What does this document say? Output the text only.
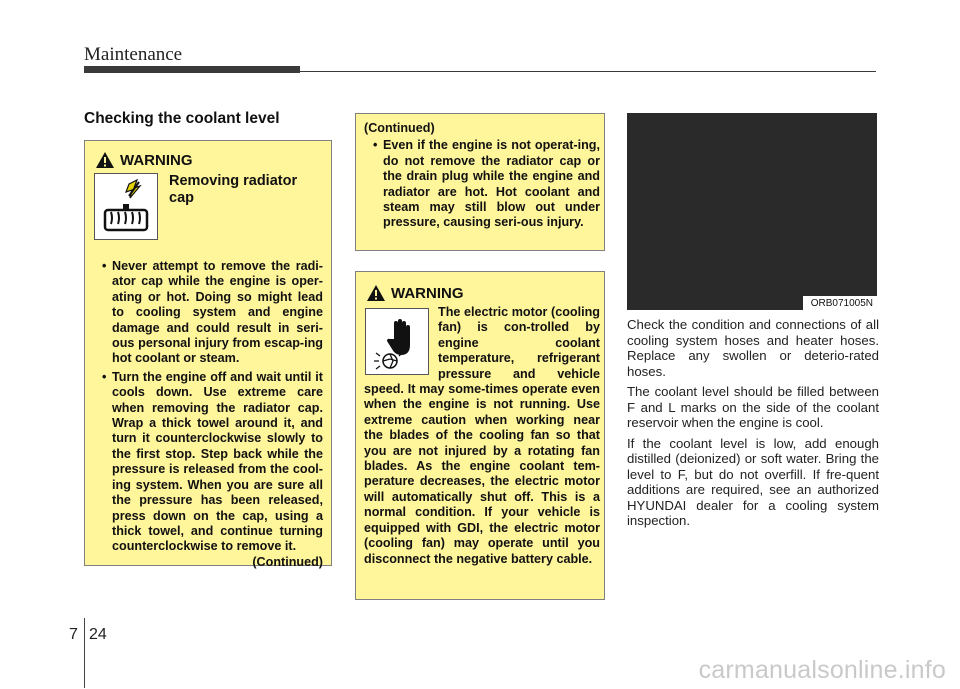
Maintenance
Checking the coolant level
WARNING
Removing radiator cap
• Never attempt to remove the radi-ator cap while the engine is oper-ating or hot. Doing so might lead to cooling system and engine damage and could result in seri-ous personal injury from escap-ing hot coolant or steam.
• Turn the engine off and wait until it cools down. Use extreme care when removing the radiator cap. Wrap a thick towel around it, and turn it counterclockwise slowly to the first stop. Step back while the pressure is released from the cool-ing system. When you are sure all the pressure has been released, press down on the cap, using a thick towel, and continue turning counterclockwise to remove it.
(Continued)
(Continued)
• Even if the engine is not operat-ing, do not remove the radiator cap or the drain plug while the engine and radiator are hot. Hot coolant and steam may still blow out under pressure, causing seri-ous injury.
WARNING
The electric motor (cooling fan) is con-trolled by engine coolant temperature, refrigerant pressure and vehicle speed. It may some-times operate even when the engine is not running. Use extreme caution when working near the blades of the cooling fan so that you are not injured by a rotating fan blades. As the engine coolant tem-perature decreases, the electric motor will automatically shut off. This is a normal condition. If your vehicle is equipped with GDI, the electric motor (cooling fan) may operate until you disconnect the negative battery cable.
ORB071005N

Check the condition and connections of all cooling system hoses and heater hoses. Replace any swollen or deterio-rated hoses.

The coolant level should be filled between F and L marks on the side of the coolant reservoir when the engine is cool.

If the coolant level is low, add enough distilled (deionized) or soft water. Bring the level to F, but do not overfill. If fre-quent additions are required, see an authorized HYUNDAI dealer for a cooling system inspection.

7 24
carmanualsonline.info
